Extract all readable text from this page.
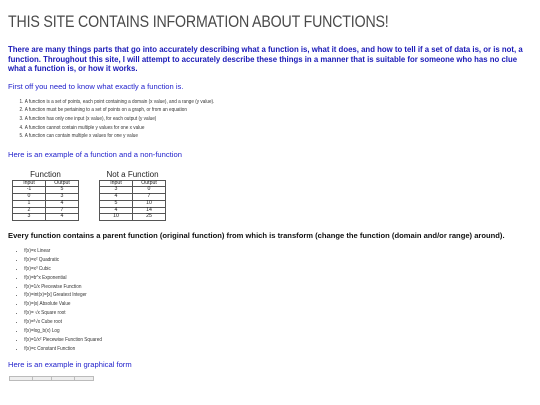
THIS SITE CONTAINS INFORMATION ABOUT FUNCTIONS!
There are many things parts that go into accurately describing what a function is, what it does, and how to tell if a set of data is, or is not, a function. Throughout this site, I will attempt to accurately describe these things in a manner that is suitable for someone who has no clue what a function is, or how it works.
First off you need to know what exactly a function is.
1. A function is a set of points, each point containing a domain (x value), and a range (y value).
2. A function must be pertaining to a set of points on a graph, or from an equation
3. A function has only one input (x value), for each output (y value)
4. A function cannot contain multiple y values for one x value
5. A function can contain multiple x values for one y value
Here is an example of a function and a non-function
Function
Input	Output
-1	5
0	3
1	4
2	7
3	4
Not a Function
Input	Output
3	0
4	7
5	10
4	14
10	25
Every function contains a parent function (original function) from which is transform (change the function (domain and/or range) around).
• f(x)=x Linear
• f(x)=x² Quadratic
• f(x)=x³ Cubic
• f(x)=b^x Exponential
• f(x)=1/x Piecewise Function
• f(x)=int(x)=[x] Greatest Integer
• f(x)=|x| Absolute Value
• f(x)= √x Square root
• f(x)=³√x Cube root
• f(x)=log_b(x) Log
• f(x)=1/x² Piecewise Function Squared
• f(x)=c Constant Function
Here is an example in graphical form
